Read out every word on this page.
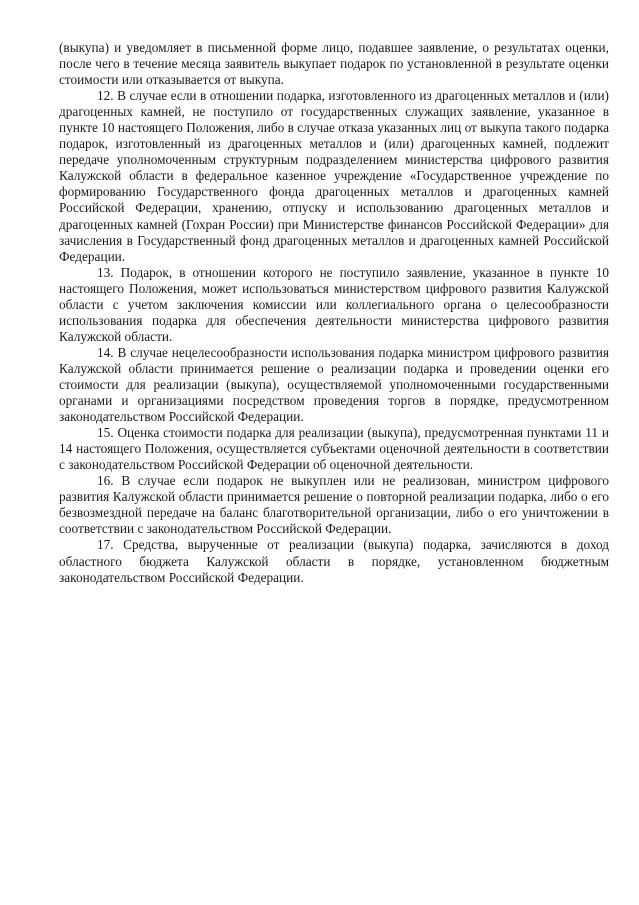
(выкупа) и уведомляет в письменной форме лицо, подавшее заявление, о результатах оценки, после чего в течение месяца заявитель выкупает подарок по установленной в результате оценки стоимости или отказывается от выкупа.

12. В случае если в отношении подарка, изготовленного из драгоценных металлов и (или) драгоценных камней, не поступило от государственных служащих заявление, указанное в пункте 10 настоящего Положения, либо в случае отказа указанных лиц от выкупа такого подарка подарок, изготовленный из драгоценных металлов и (или) драгоценных камней, подлежит передаче уполномоченным структурным подразделением министерства цифрового развития Калужской области в федеральное казенное учреждение «Государственное учреждение по формированию Государственного фонда драгоценных металлов и драгоценных камней Российской Федерации, хранению, отпуску и использованию драгоценных металлов и драгоценных камней (Гохран России) при Министерстве финансов Российской Федерации» для зачисления в Государственный фонд драгоценных металлов и драгоценных камней Российской Федерации.

13. Подарок, в отношении которого не поступило заявление, указанное в пункте 10 настоящего Положения, может использоваться министерством цифрового развития Калужской области с учетом заключения комиссии или коллегиального органа о целесообразности использования подарка для обеспечения деятельности министерства цифрового развития Калужской области.

14. В случае нецелесообразности использования подарка министром цифрового развития Калужской области принимается решение о реализации подарка и проведении оценки его стоимости для реализации (выкупа), осуществляемой уполномоченными государственными органами и организациями посредством проведения торгов в порядке, предусмотренном законодательством Российской Федерации.

15. Оценка стоимости подарка для реализации (выкупа), предусмотренная пунктами 11 и 14 настоящего Положения, осуществляется субъектами оценочной деятельности в соответствии с законодательством Российской Федерации об оценочной деятельности.

16. В случае если подарок не выкуплен или не реализован, министром цифрового развития Калужской области принимается решение о повторной реализации подарка, либо о его безвозмездной передаче на баланс благотворительной организации, либо о его уничтожении в соответствии с законодательством Российской Федерации.

17. Средства, вырученные от реализации (выкупа) подарка, зачисляются в доход областного бюджета Калужской области в порядке, установленном бюджетным законодательством Российской Федерации.
